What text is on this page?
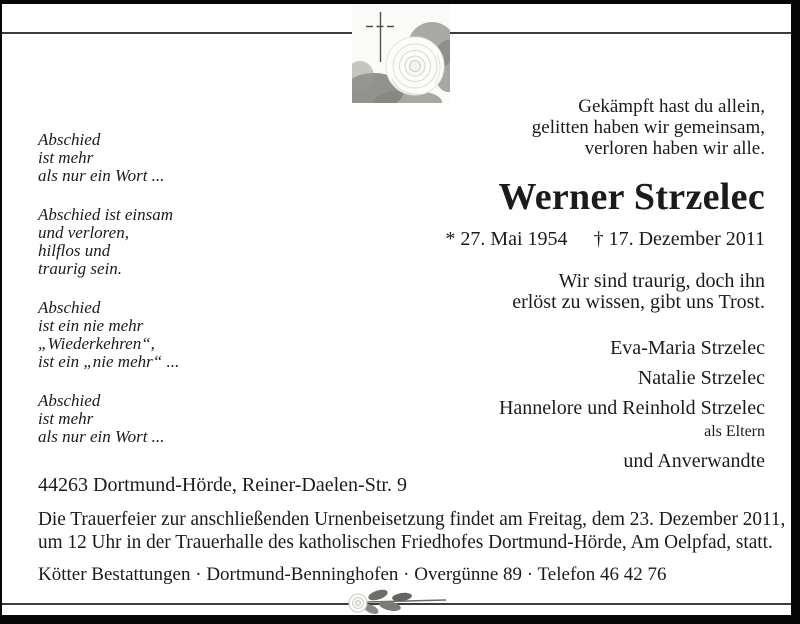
Abschied
ist mehr
als nur ein Wort ...
Abschied ist einsam
und verloren,
hilflos und
traurig sein.
Abschied
ist ein nie mehr
„Wiederkehren“,
ist ein „nie mehr“ ...
Abschied
ist mehr
als nur ein Wort ...
Gekämpft hast du allein,
gelitten haben wir gemeinsam,
verloren haben wir alle.
Werner Strzelec
* 27. Mai 1954 † 17. Dezember 2011
Wir sind traurig, doch ihn
erlöst zu wissen, gibt uns Trost.
Eva-Maria Strzelec
Natalie Strzelec
Hannelore und Reinhold Strzelec
als Eltern
und Anverwandte
44263 Dortmund-Hörde, Reiner-Daelen-Str. 9
Die Trauerfeier zur anschließenden Urnenbeisetzung findet am Freitag, dem 23. Dezember 2011,
um 12 Uhr in der Trauerhalle des katholischen Friedhofes Dortmund-Hörde, Am Oelpfad, statt.
Kötter Bestattungen · Dortmund-Benninghofen · Overgünne 89 · Telefon 46 42 76
